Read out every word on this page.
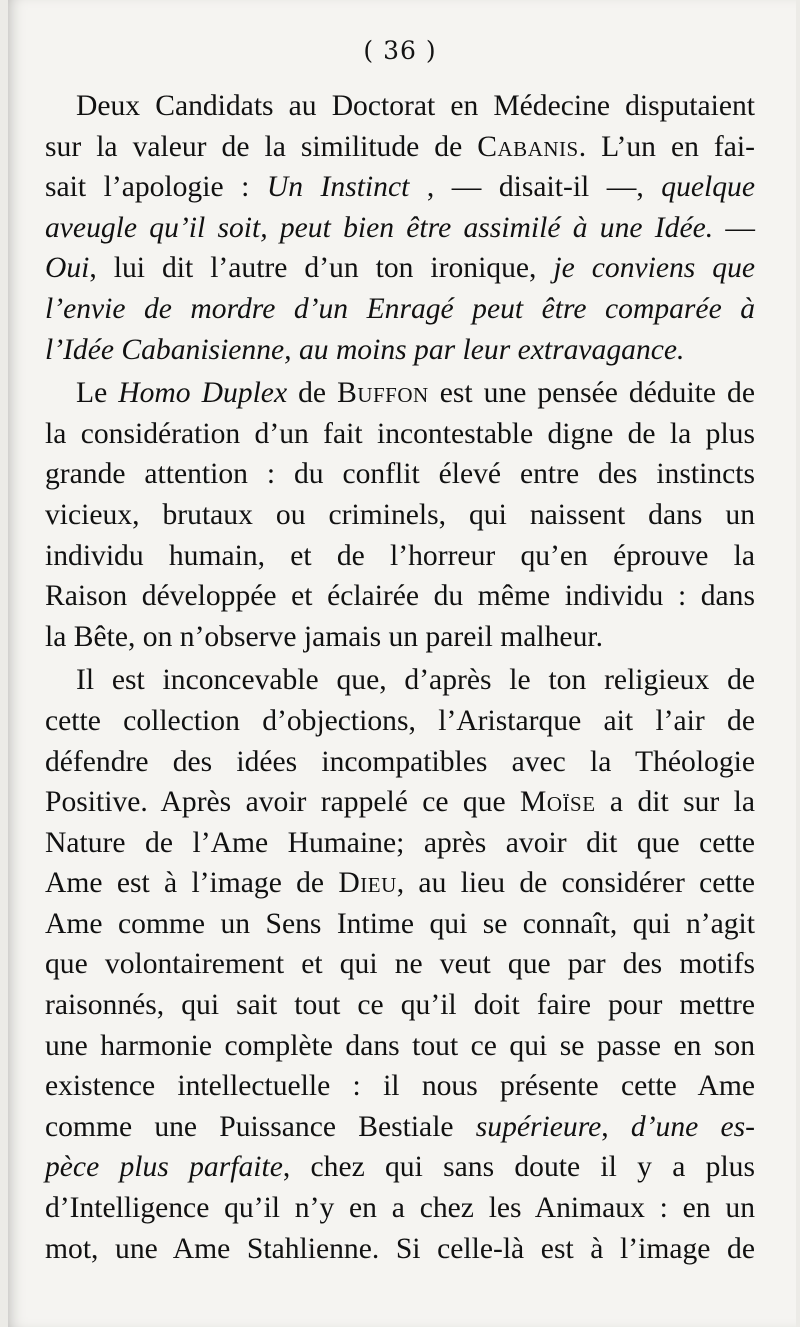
( 36 )
Deux Candidats au Doctorat en Médecine disputaient
sur la valeur de la similitude de Cabanis. L’un en fai-
sait l’apologie : Un Instinct , — disait-il —, quelque
aveugle qu’il soit, peut bien être assimilé à une Idée. —
Oui, lui dit l’autre d’un ton ironique, je conviens que
l’envie de mordre d’un Enragé peut être comparée à
l’Idée Cabanisienne, au moins par leur extravagance.
Le Homo Duplex de Buffon est une pensée déduite de
la considération d’un fait incontestable digne de la plus
grande attention : du conflit élevé entre des instincts
vicieux, brutaux ou criminels, qui naissent dans un
individu humain, et de l’horreur qu’en éprouve la
Raison développée et éclairée du même individu : dans
la Bête, on n’observe jamais un pareil malheur.
Il est inconcevable que, d’après le ton religieux de
cette collection d’objections, l’Aristarque ait l’air de
défendre des idées incompatibles avec la Théologie
Positive. Après avoir rappelé ce que Moïse a dit sur la
Nature de l’Ame Humaine; après avoir dit que cette
Ame est à l’image de Dieu, au lieu de considérer cette
Ame comme un Sens Intime qui se connaît, qui n’agit
que volontairement et qui ne veut que par des motifs
raisonnés, qui sait tout ce qu’il doit faire pour mettre
une harmonie complète dans tout ce qui se passe en son
existence intellectuelle : il nous présente cette Ame
comme une Puissance Bestiale supérieure, d’une es-
pèce plus parfaite, chez qui sans doute il y a plus
d’Intelligence qu’il n’y en a chez les Animaux : en un
mot, une Ame Stahlienne. Si celle-là est à l’image de
